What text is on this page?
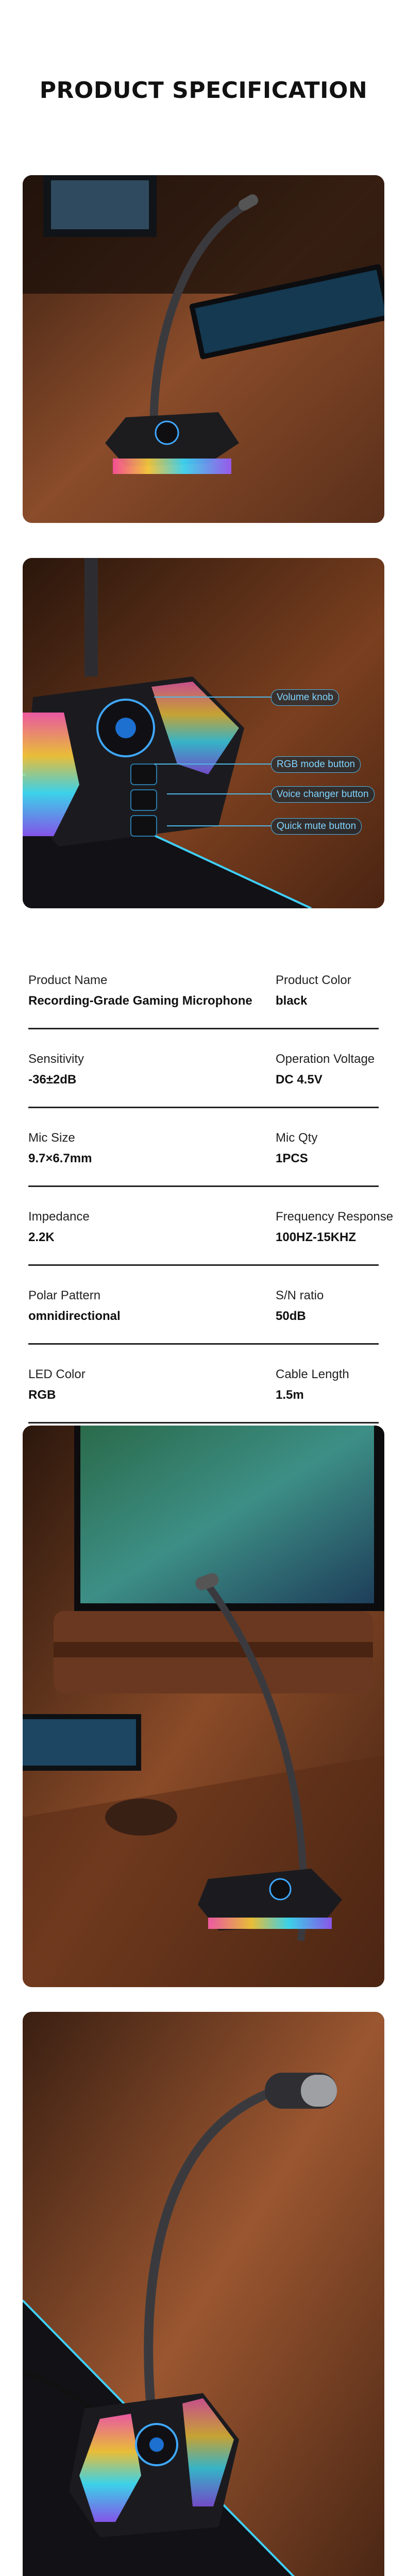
PRODUCT SPECIFICATION
Volume knob
RGB mode button
Voice changer button
Quick mute button
Product Name
Recording-Grade Gaming Microphone
Product Color
black
Sensitivity
-36±2dB
Operation Voltage
DC 4.5V
Mic Size
9.7×6.7mm
Mic Qty
1PCS
Impedance
2.2K
Frequency Response
100HZ-15KHZ
Polar Pattern
omnidirectional
S/N ratio
50dB
LED Color
RGB
Cable Length
1.5m
